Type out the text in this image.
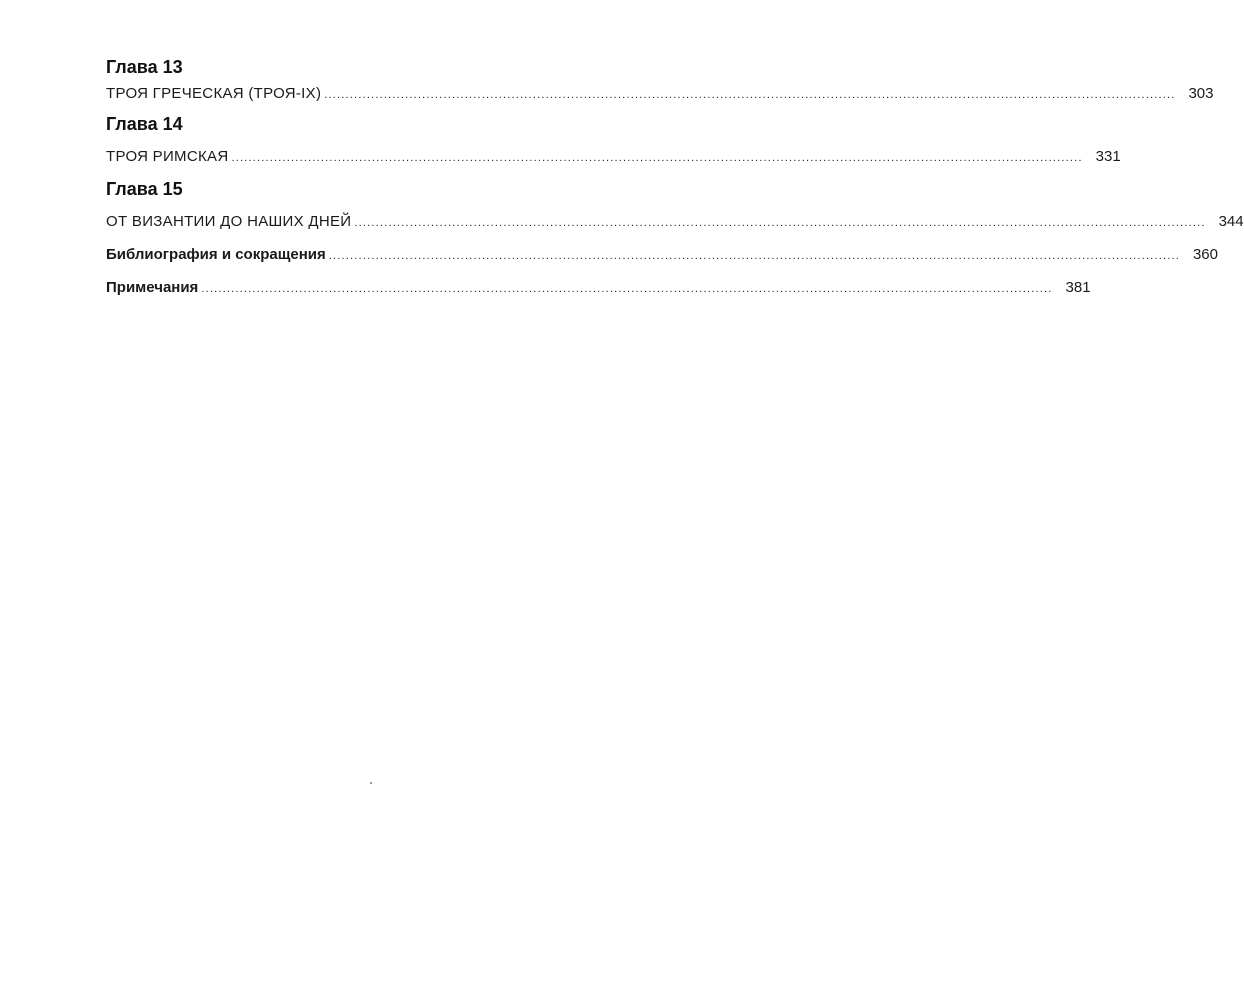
Глава 13
ТРОЯ ГРЕЧЕСКАЯ (ТРОЯ-IX) ........................................................................................................................................................................................................ 303
Глава 14
ТРОЯ РИМСКАЯ ........................................................................................................................................................................................................ 331
Глава 15
ОТ ВИЗАНТИИ ДО НАШИХ ДНЕЙ ........................................................................................................................................................................................................ 344
Библиография и сокращения ........................................................................................................................................................................................................ 360
Примечания ........................................................................................................................................................................................................ 381
